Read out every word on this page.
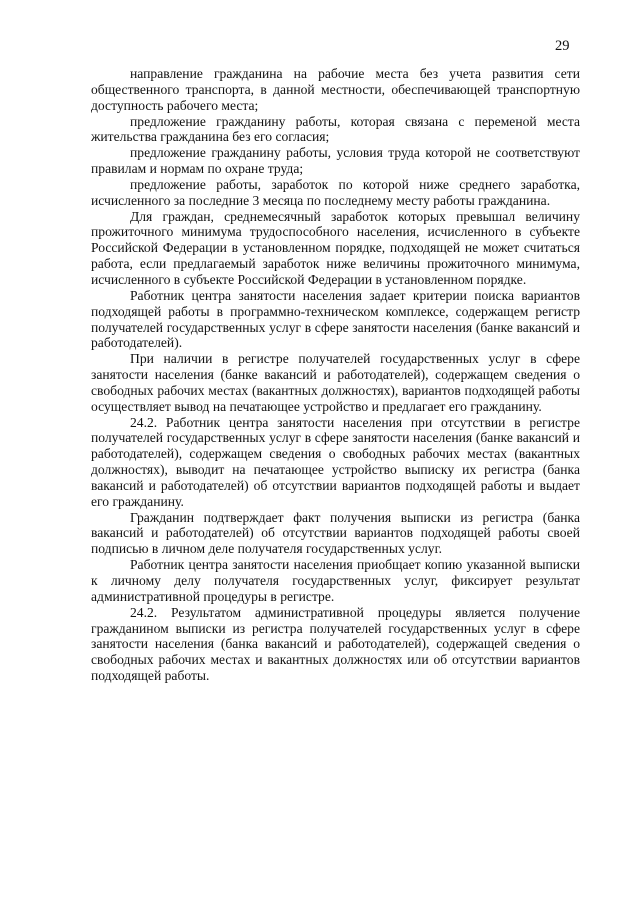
29

направление гражданина на рабочие места без учета развития сети общественного транспорта, в данной местности, обеспечивающей транспортную доступность рабочего места;

предложение гражданину работы, которая связана с переменой места жительства гражданина без его согласия;

предложение гражданину работы, условия труда которой не соответствуют правилам и нормам по охране труда;

предложение работы, заработок по которой ниже среднего заработка, исчисленного за последние 3 месяца по последнему месту работы гражданина.

Для граждан, среднемесячный заработок которых превышал величину прожиточного минимума трудоспособного населения, исчисленного в субъекте Российской Федерации в установленном порядке, подходящей не может считаться работа, если предлагаемый заработок ниже величины прожиточного минимума, исчисленного в субъекте Российской Федерации в установленном порядке.

Работник центра занятости населения задает критерии поиска вариантов подходящей работы в программно-техническом комплексе, содержащем регистр получателей государственных услуг в сфере занятости населения (банке вакансий и работодателей).

При наличии в регистре получателей государственных услуг в сфере занятости населения (банке вакансий и работодателей), содержащем сведения о свободных рабочих местах (вакантных должностях), вариантов подходящей работы осуществляет вывод на печатающее устройство и предлагает его гражданину.

24.2. Работник центра занятости населения при отсутствии в регистре получателей государственных услуг в сфере занятости населения (банке вакансий и работодателей), содержащем сведения о свободных рабочих местах (вакантных должностях), выводит на печатающее устройство выписку их регистра (банка вакансий и работодателей) об отсутствии вариантов подходящей работы и выдает его гражданину.

Гражданин подтверждает факт получения выписки из регистра (банка вакансий и работодателей) об отсутствии вариантов подходящей работы своей подписью в личном деле получателя государственных услуг.

Работник центра занятости населения приобщает копию указанной выписки к личному делу получателя государственных услуг, фиксирует результат административной процедуры в регистре.

24.2. Результатом административной процедуры является получение гражданином выписки из регистра получателей государственных услуг в сфере занятости населения (банка вакансий и работодателей), содержащей сведения о свободных рабочих местах и вакантных должностях или об отсутствии вариантов подходящей работы.
